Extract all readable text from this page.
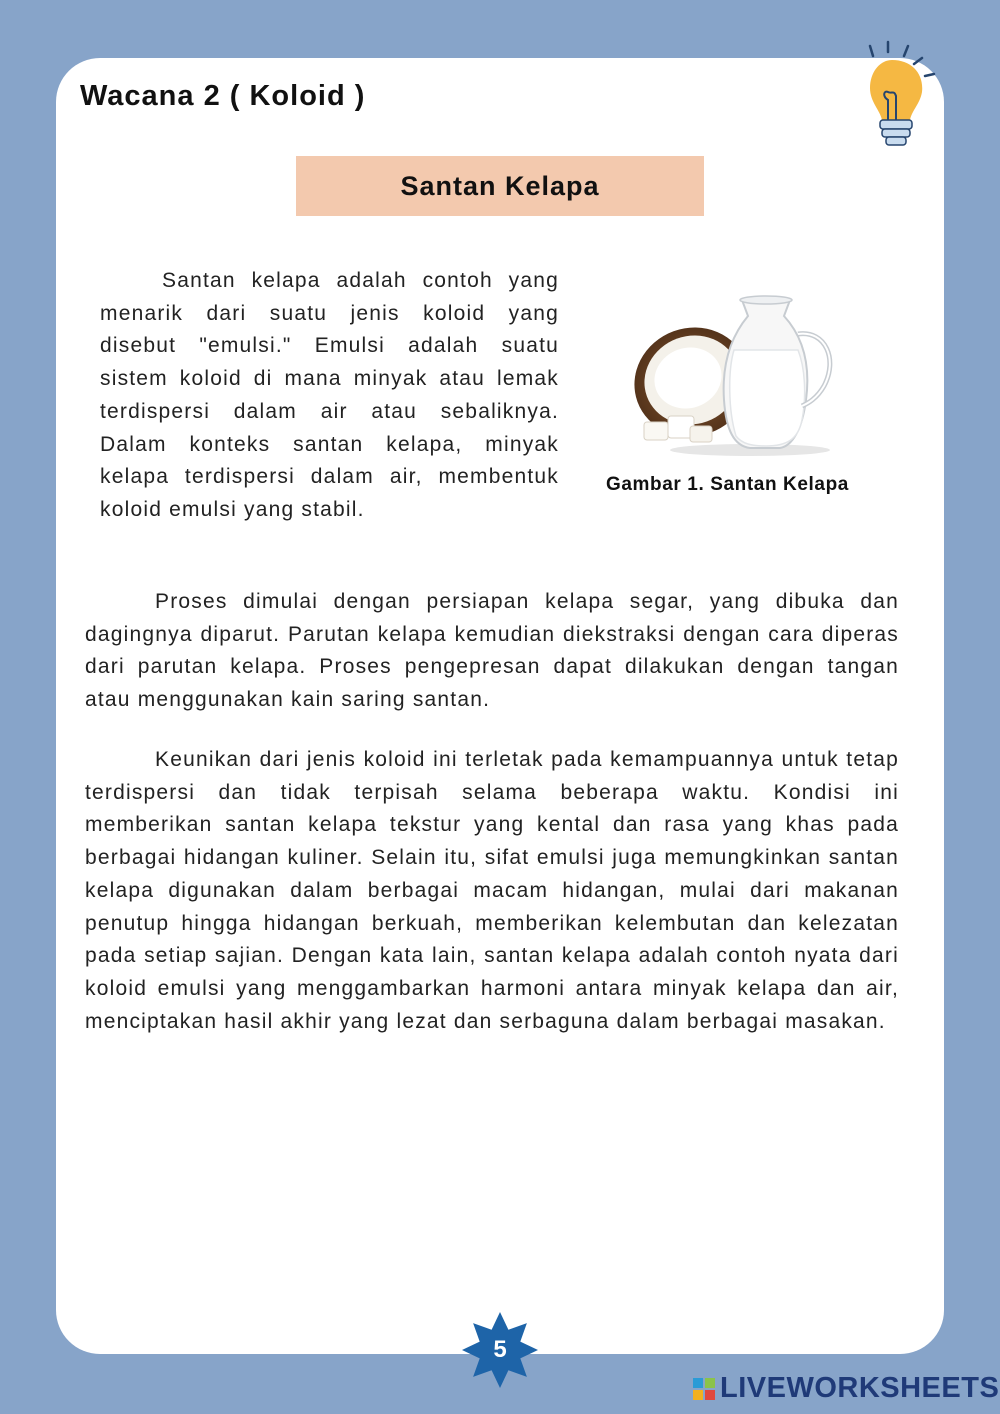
Wacana 2 ( Koloid )
Santan Kelapa

Santan kelapa adalah contoh yang menarik dari suatu jenis koloid yang disebut "emulsi." Emulsi adalah suatu sistem koloid di mana minyak atau lemak terdispersi dalam air atau sebaliknya. Dalam konteks santan kelapa, minyak kelapa terdispersi dalam air, membentuk koloid emulsi yang stabil.

Gambar 1. Santan Kelapa

Proses dimulai dengan persiapan kelapa segar, yang dibuka dan dagingnya diparut. Parutan kelapa kemudian diekstraksi dengan cara diperas dari parutan kelapa. Proses pengepresan dapat dilakukan dengan tangan atau menggunakan kain saring santan.

Keunikan dari jenis koloid ini terletak pada kemampuannya untuk tetap terdispersi dan tidak terpisah selama beberapa waktu. Kondisi ini memberikan santan kelapa tekstur yang kental dan rasa yang khas pada berbagai hidangan kuliner. Selain itu, sifat emulsi juga memungkinkan santan kelapa digunakan dalam berbagai macam hidangan, mulai dari makanan penutup hingga hidangan berkuah, memberikan kelembutan dan kelezatan pada setiap sajian. Dengan kata lain, santan kelapa adalah contoh nyata dari koloid emulsi yang menggambarkan harmoni antara minyak kelapa dan air, menciptakan hasil akhir yang lezat dan serbaguna dalam berbagai masakan.

5
LIVEWORKSHEETS
